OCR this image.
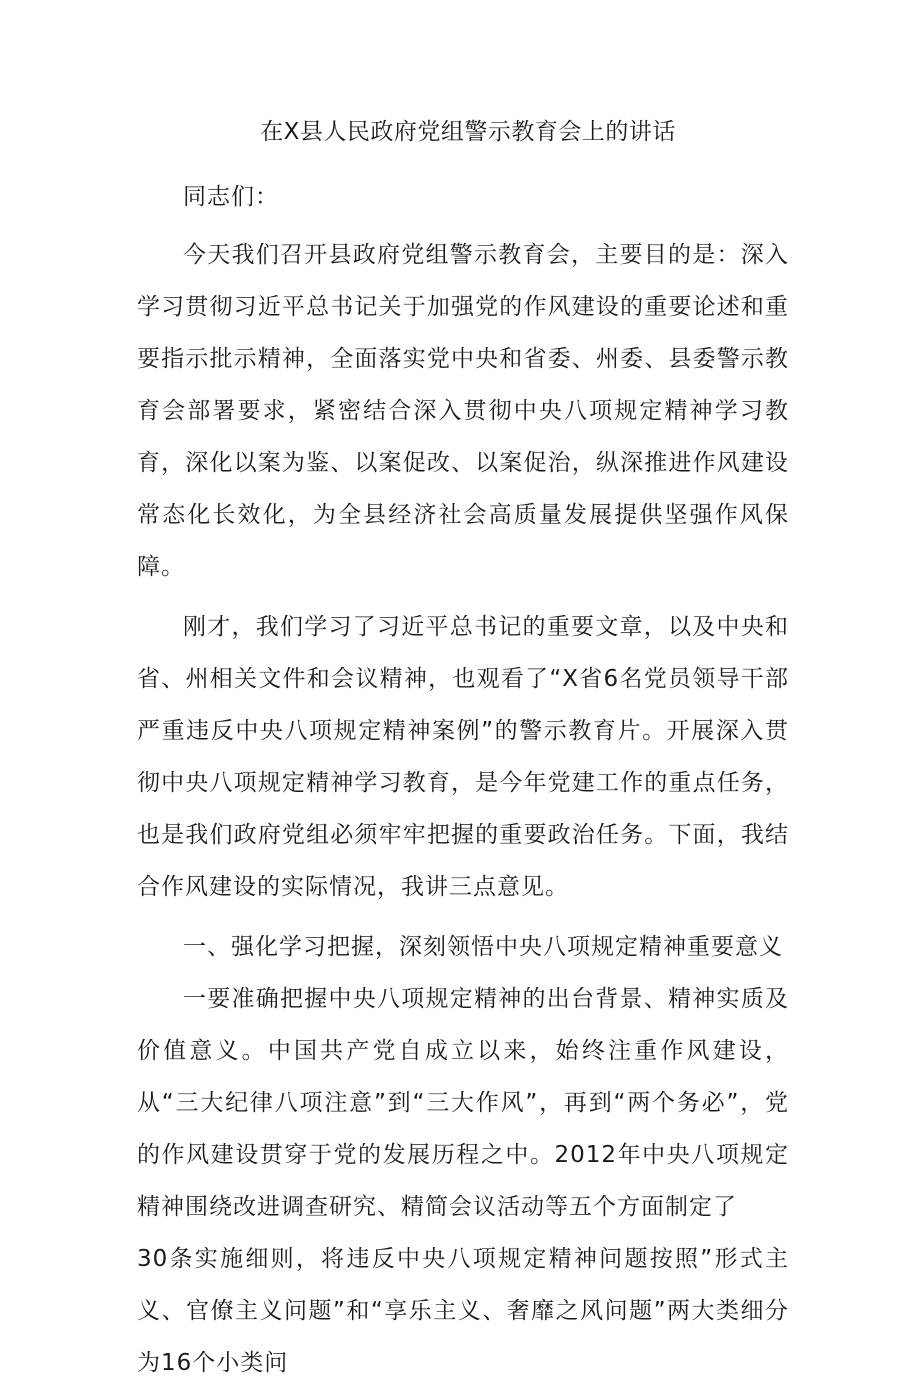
在X县人民政府党组警示教育会上的讲话

同志们：

今天我们召开县政府党组警示教育会，主要目的是：深入学习贯彻习近平总书记关于加强党的作风建设的重要论述和重要指示批示精神，全面落实党中央和省委、州委、县委警示教育会部署要求，紧密结合深入贯彻中央八项规定精神学习教育，深化以案为鉴、以案促改、以案促治，纵深推进作风建设常态化长效化，为全县经济社会高质量发展提供坚强作风保障。

刚才，我们学习了习近平总书记的重要文章，以及中央和省、州相关文件和会议精神，也观看了“X省6名党员领导干部严重违反中央八项规定精神案例”的警示教育片。开展深入贯彻中央八项规定精神学习教育，是今年党建工作的重点任务，也是我们政府党组必须牢牢把握的重要政治任务。下面，我结合作风建设的实际情况，我讲三点意见。

一、强化学习把握，深刻领悟中央八项规定精神重要意义

一要准确把握中央八项规定精神的出台背景、精神实质及价值意义。中国共产党自成立以来，始终注重作风建设，从“三大纪律八项注意”到“三大作风”，再到“两个务必”，党的作风建设贯穿于党的发展历程之中。2012年中央八项规定精神围绕改进调查研究、精简会议活动等五个方面制定了

30条实施细则，将违反中央八项规定精神问题按照”形式主义、官僚主义问题”和“享乐主义、奢靡之风问题”两大类细分为16个小类问
